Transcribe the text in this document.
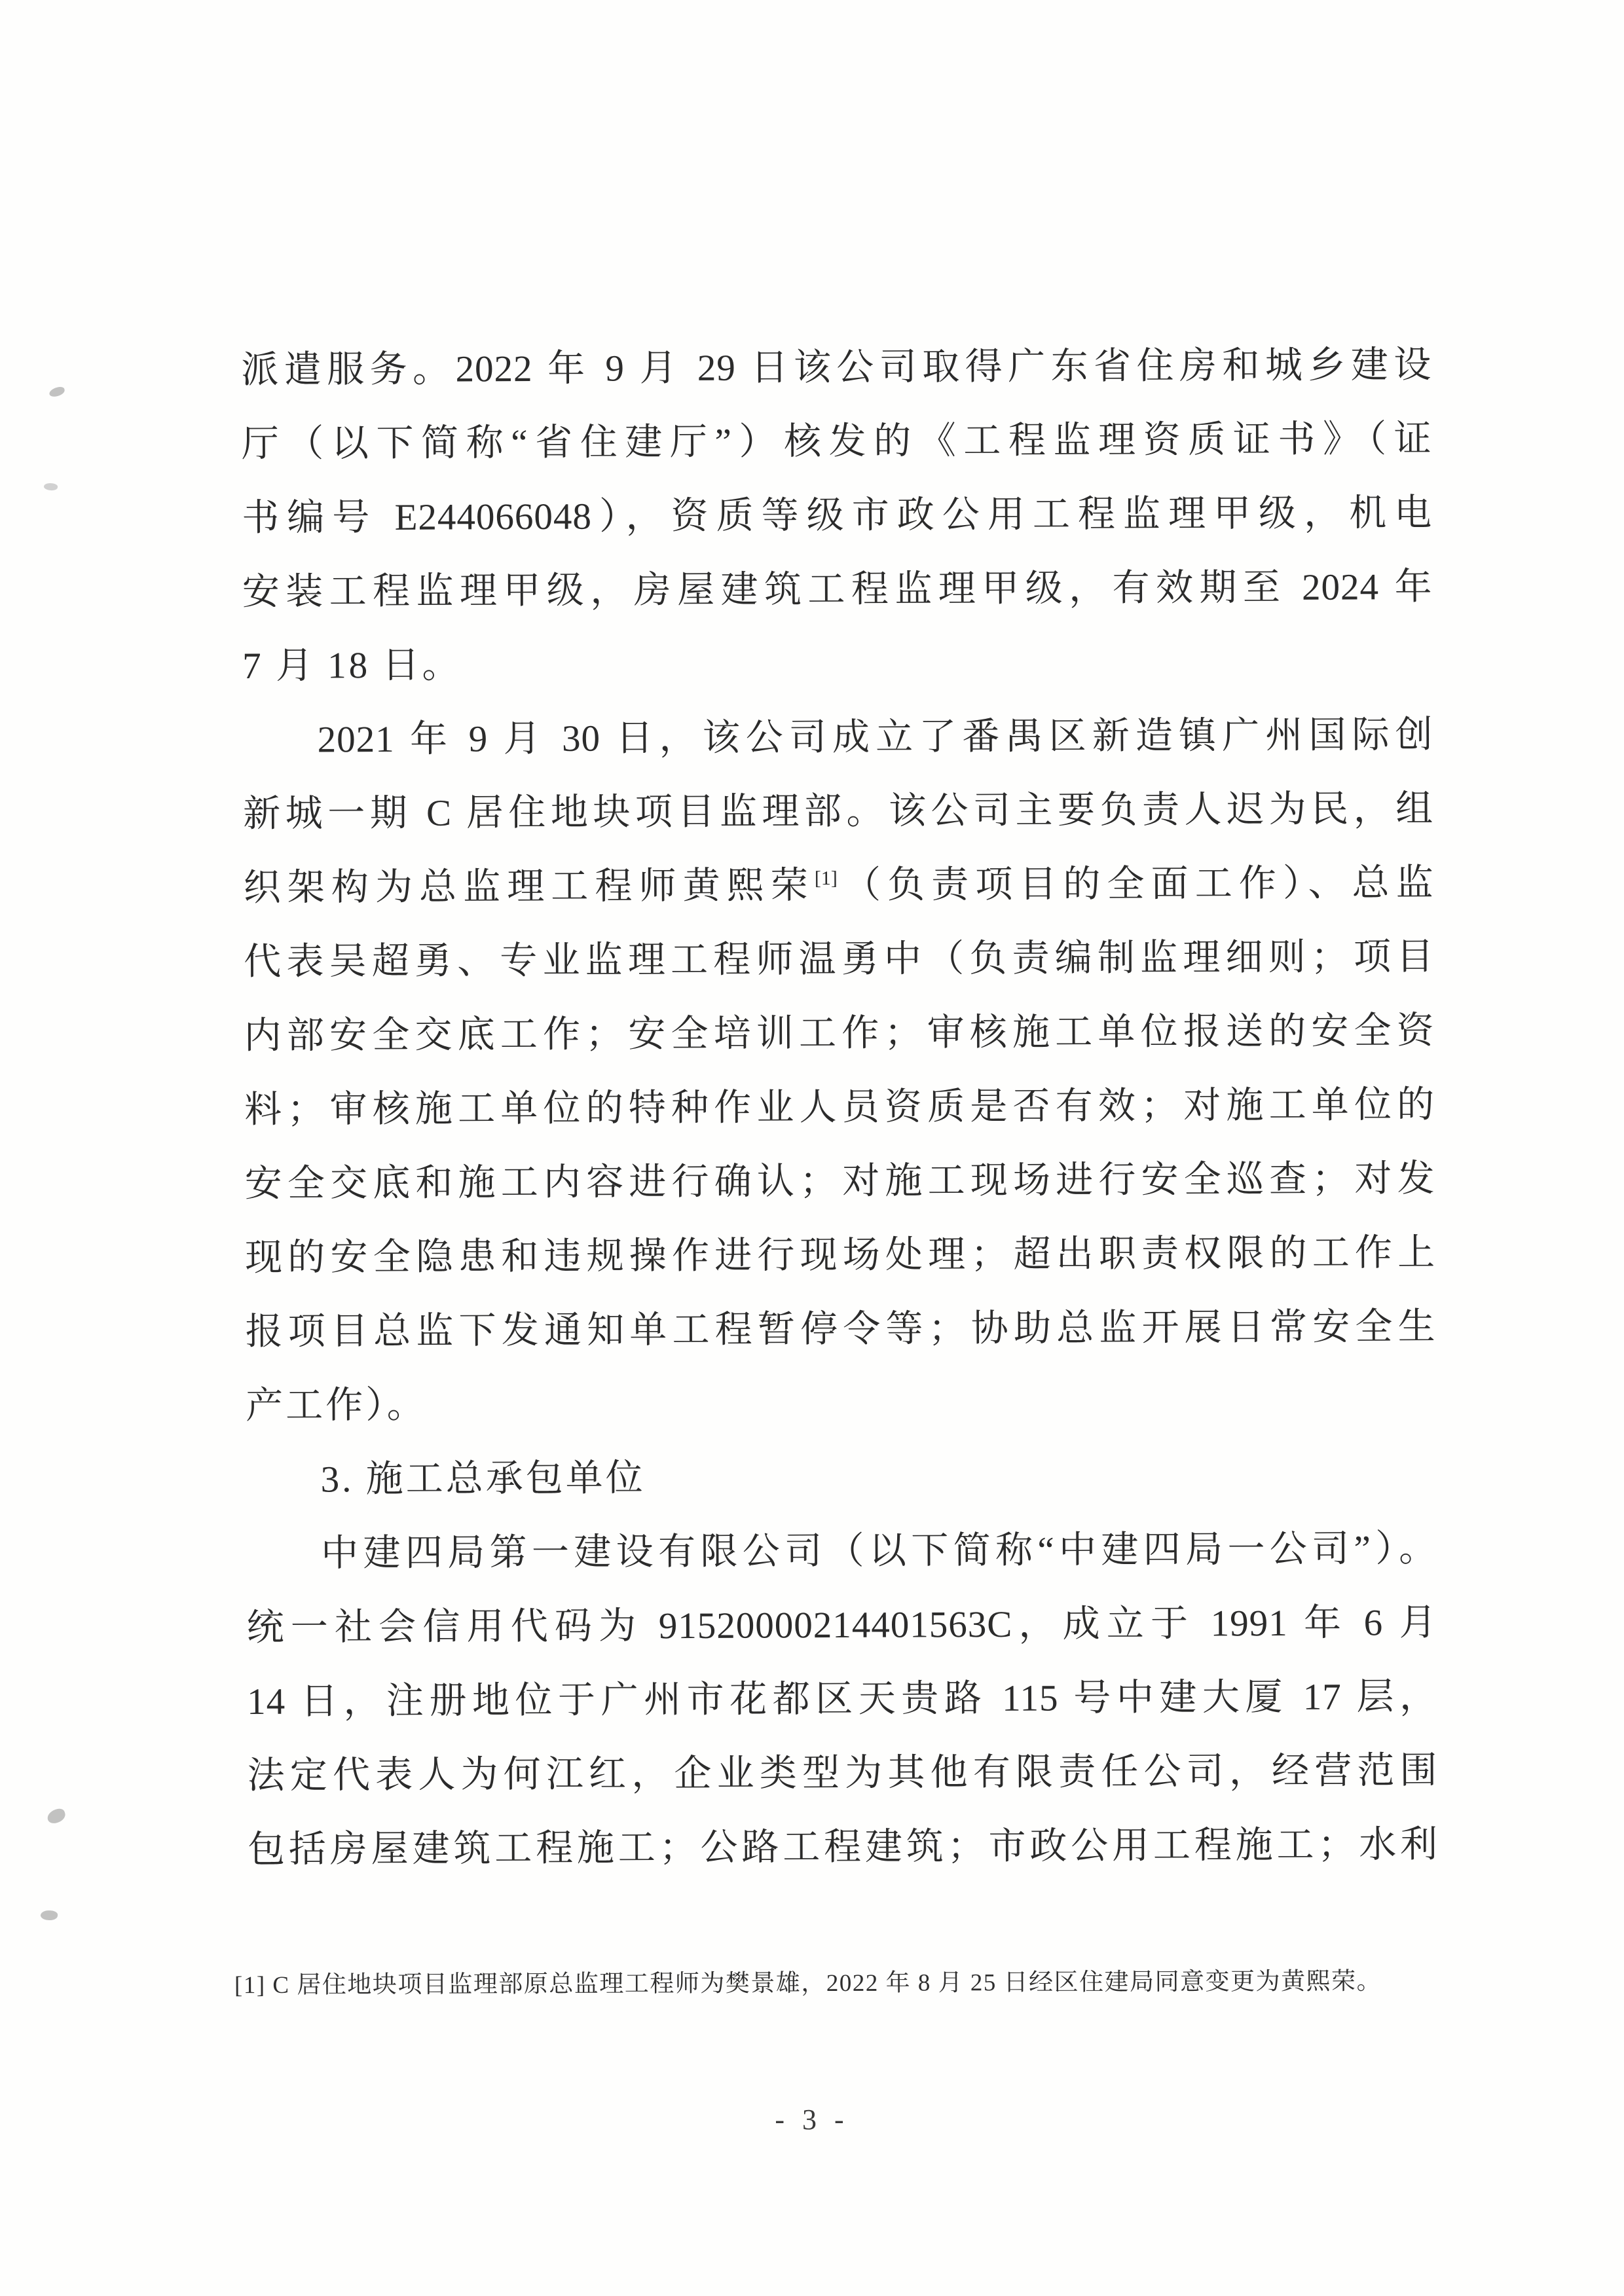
派遣服务。2022 年 9 月 29 日该公司取得广东省住房和城乡建设
厅（以下简称“省住建厅”）核发的《工程监理资质证书》（证
书编号 E244066048），资质等级市政公用工程监理甲级，机电
安装工程监理甲级，房屋建筑工程监理甲级，有效期至 2024 年
7 月 18 日。
2021 年 9 月 30 日，该公司成立了番禺区新造镇广州国际创
新城一期 C 居住地块项目监理部。该公司主要负责人迟为民，组
织架构为总监理工程师黄熙荣[1]（负责项目的全面工作）、总监
代表吴超勇、专业监理工程师温勇中（负责编制监理细则；项目
内部安全交底工作；安全培训工作；审核施工单位报送的安全资
料；审核施工单位的特种作业人员资质是否有效；对施工单位的
安全交底和施工内容进行确认；对施工现场进行安全巡查；对发
现的安全隐患和违规操作进行现场处理；超出职责权限的工作上
报项目总监下发通知单工程暂停令等；协助总监开展日常安全生
产工作）。
3. 施工总承包单位
中建四局第一建设有限公司（以下简称“中建四局一公司”）。
统一社会信用代码为 91520000214401563C，成立于 1991 年 6 月
14 日，注册地位于广州市花都区天贵路 115 号中建大厦 17 层，
法定代表人为何江红，企业类型为其他有限责任公司，经营范围
包括房屋建筑工程施工；公路工程建筑；市政公用工程施工；水利
[1] C 居住地块项目监理部原总监理工程师为樊景雄，2022 年 8 月 25 日经区住建局同意变更为黄熙荣。
- 3 -
